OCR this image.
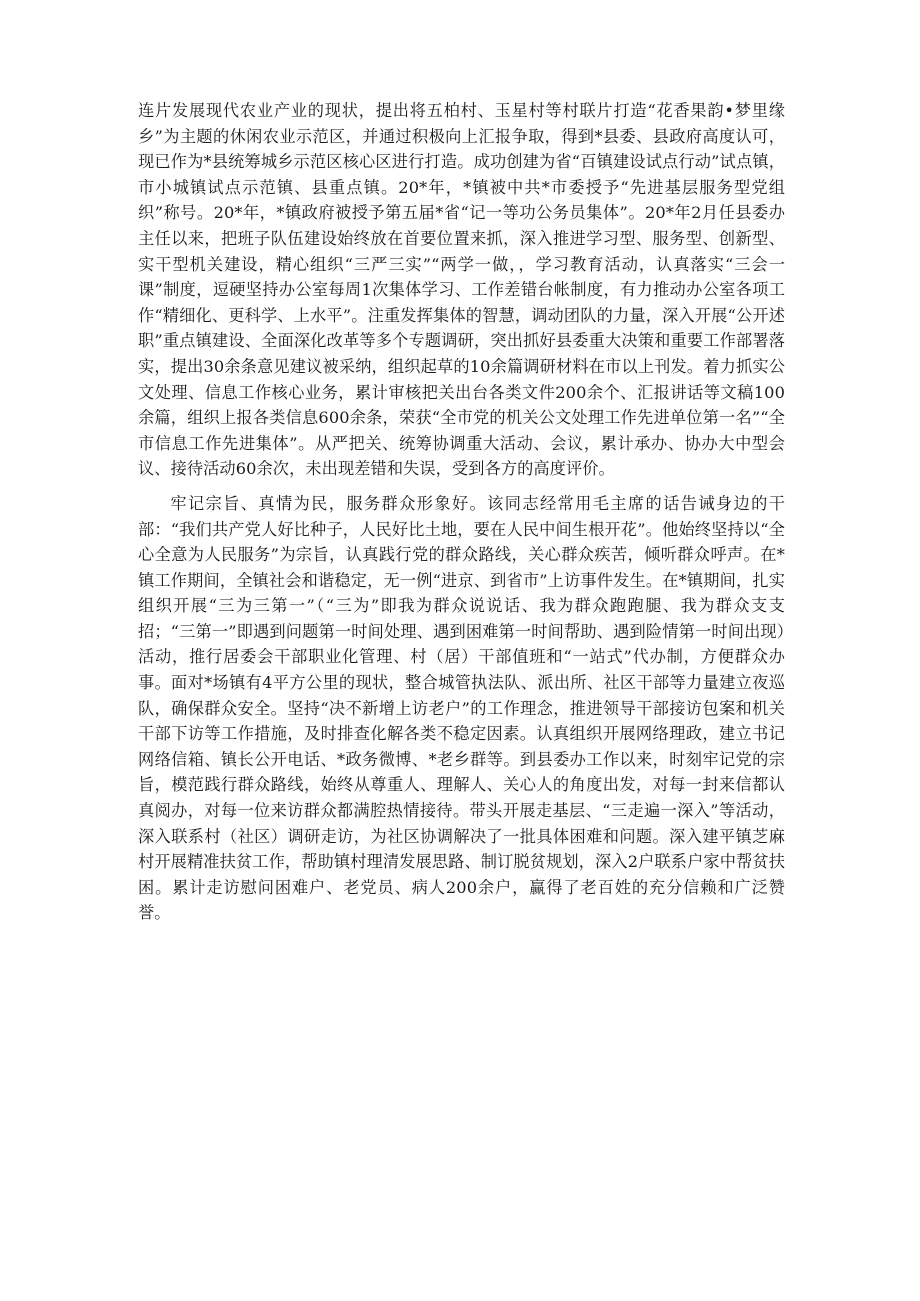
连片发展现代农业产业的现状，提出将五柏村、玉星村等村联片打造“花香果韵•梦里缘乡”为主题的休闲农业示范区，并通过积极向上汇报争取，得到*县委、县政府高度认可，现已作为*县统筹城乡示范区核心区进行打造。成功创建为省“百镇建设试点行动”试点镇，市小城镇试点示范镇、县重点镇。20*年，*镇被中共*市委授予“先进基层服务型党组织”称号。20*年，*镇政府被授予第五届*省“记一等功公务员集体”。20*年2月任县委办主任以来，把班子队伍建设始终放在首要位置来抓，深入推进学习型、服务型、创新型、实干型机关建设，精心组织“三严三实”“两学一做，，学习教育活动，认真落实“三会一课”制度，逗硬坚持办公室每周1次集体学习、工作差错台帐制度，有力推动办公室各项工作“精细化、更科学、上水平”。注重发挥集体的智慧，调动团队的力量，深入开展“公开述职”重点镇建设、全面深化改革等多个专题调研，突出抓好县委重大决策和重要工作部署落实，提出30余条意见建议被采纳，组织起草的10余篇调研材料在市以上刊发。着力抓实公文处理、信息工作核心业务，累计审核把关出台各类文件200余个、汇报讲话等文稿100余篇，组织上报各类信息600余条，荣获“全市党的机关公文处理工作先进单位第一名”“全市信息工作先进集体”。从严把关、统筹协调重大活动、会议，累计承办、协办大中型会议、接待活动60余次，未出现差错和失误，受到各方的高度评价。

牢记宗旨、真情为民，服务群众形象好。该同志经常用毛主席的话告诫身边的干部：“我们共产党人好比种子，人民好比土地，要在人民中间生根开花”。他始终坚持以“全心全意为人民服务”为宗旨，认真践行党的群众路线，关心群众疾苦，倾听群众呼声。在*镇工作期间，全镇社会和谐稳定，无一例“进京、到省市”上访事件发生。在*镇期间，扎实组织开展“三为三第一”（“三为”即我为群众说说话、我为群众跑跑腿、我为群众支支招；“三第一”即遇到问题第一时间处理、遇到困难第一时间帮助、遇到险情第一时间出现）活动，推行居委会干部职业化管理、村（居）干部值班和“一站式”代办制，方便群众办事。面对*场镇有4平方公里的现状，整合城管执法队、派出所、社区干部等力量建立夜巡队，确保群众安全。坚持“决不新增上访老户”的工作理念，推进领导干部接访包案和机关干部下访等工作措施，及时排查化解各类不稳定因素。认真组织开展网络理政，建立书记网络信箱、镇长公开电话、*政务微博、*老乡群等。到县委办工作以来，时刻牢记党的宗旨，模范践行群众路线，始终从尊重人、理解人、关心人的角度出发，对每一封来信都认真阅办，对每一位来访群众都满腔热情接待。带头开展走基层、“三走遍一深入”等活动，深入联系村（社区）调研走访，为社区协调解决了一批具体困难和问题。深入建平镇芝麻村开展精准扶贫工作，帮助镇村理清发展思路、制订脱贫规划，深入2户联系户家中帮贫扶困。累计走访慰问困难户、老党员、病人200余户，赢得了老百姓的充分信赖和广泛赞誉。
